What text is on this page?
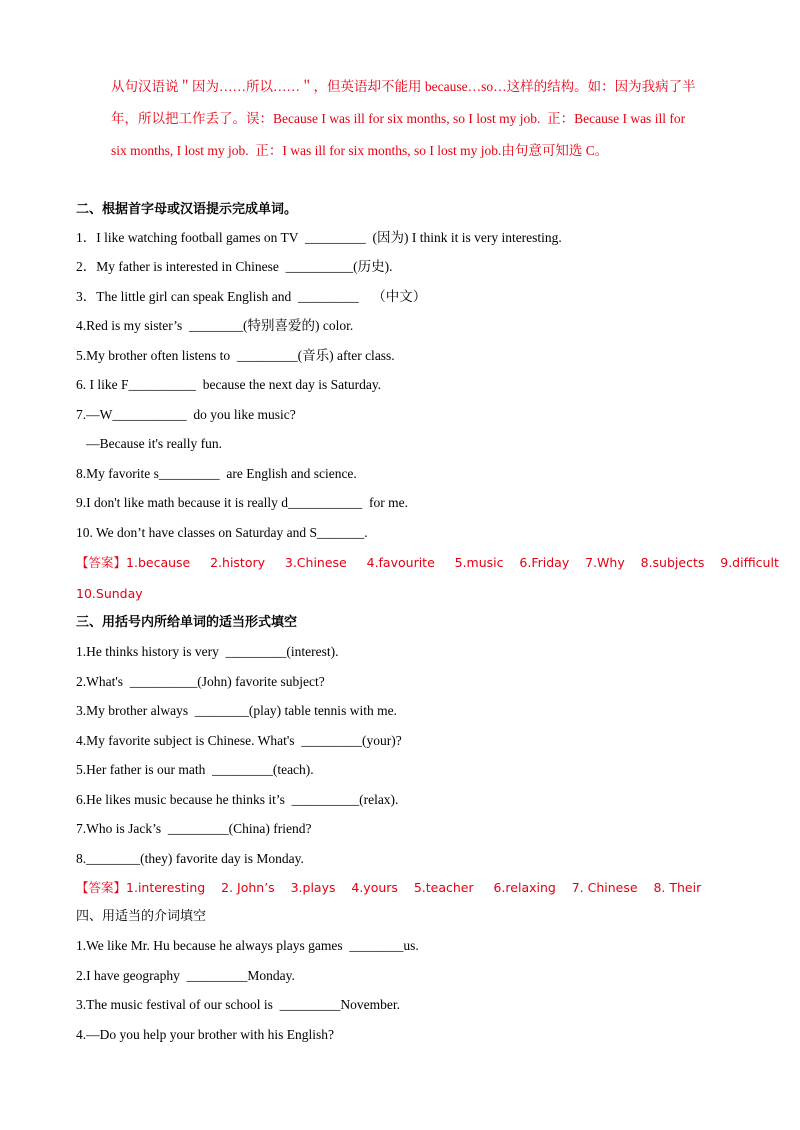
从句汉语说＂因为……所以……＂，但英语却不能用 because…so…这样的结构。如：因为我病了半
年，所以把工作丢了。误：Because I was ill for six months, so I lost my job.  正：Because I was ill for
six months, I lost my job.  正：I was ill for six months, so I lost my job.由句意可知选 C。
二、根据首字母或汉语提示完成单词。
1．I like watching football games on TV  _________  (因为) I think it is very interesting.
2．My father is interested in Chinese  __________(历史).
3．The little girl can speak English and  _________    （中文）
4.Red is my sister’s  ________(特别喜爱的) color.
5.My brother often listens to  _________(音乐) after class.
6. I like F__________  because the next day is Saturday.
7.—W___________  do you like music?
—Because it's really fun.
8.My favorite s_________  are English and science.
9.I don't like math because it is really d___________  for me.
10. We don’t have classes on Saturday and S_______.
【答案】1.because     2.history     3.Chinese     4.favourite     5.music    6.Friday    7.Why    8.subjects    9.difficult
10.Sunday
三、用括号内所给单词的适当形式填空
1.He thinks history is very  _________(interest).
2.What's  __________(John) favorite subject?
3.My brother always  ________(play) table tennis with me.
4.My favorite subject is Chinese. What's  _________(your)?
5.Her father is our math  _________(teach).
6.He likes music because he thinks it’s  __________(relax).
7.Who is Jack’s  _________(China) friend?
8.________(they) favorite day is Monday.
【答案】1.interesting    2. John’s    3.plays    4.yours    5.teacher     6.relaxing    7. Chinese    8. Their
四、用适当的介词填空
1.We like Mr. Hu because he always plays games  ________us.
2.I have geography  _________Monday.
3.The music festival of our school is  _________November.
4.—Do you help your brother with his English?
